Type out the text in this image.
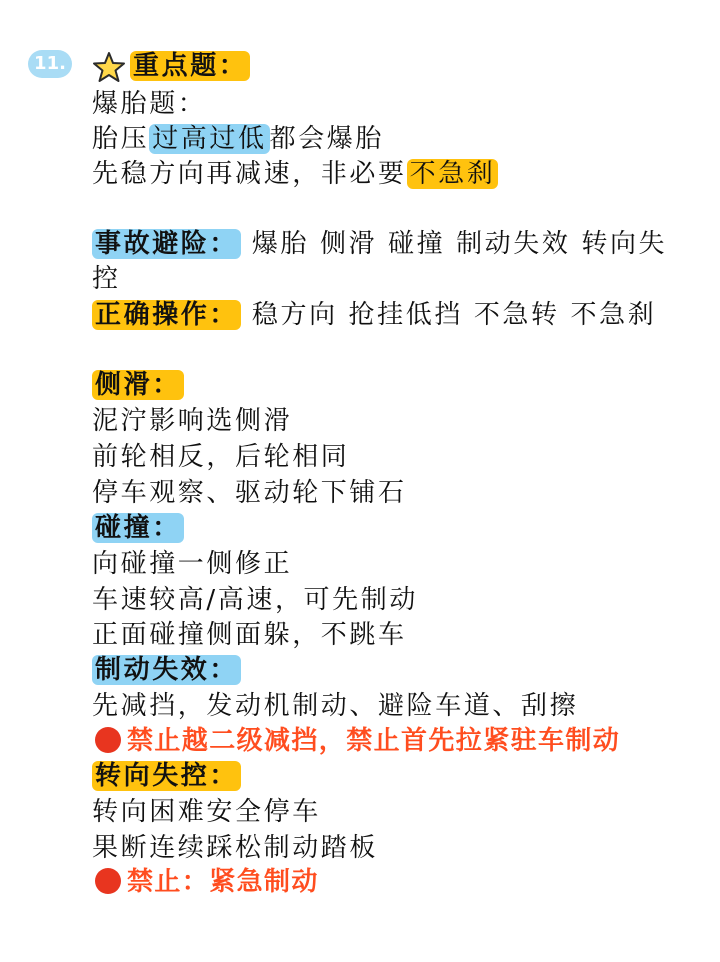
11.	重点题：
爆胎题：
胎压 过高过低 都会爆胎
先稳方向再减速，非必要 不急刹
事故避险： 爆胎 侧滑 碰撞 制动失效 转向失
控
正确操作： 稳方向 抢挂低挡 不急转 不急刹
侧滑：
泥泞影响选侧滑
前轮相反，后轮相同
停车观察、驱动轮下铺石
碰撞：
向碰撞一侧修正
车速较高/高速，可先制动
正面碰撞侧面躲，不跳车
制动失效：
先减挡，发动机制动、避险车道、刮擦
禁止越二级减挡，禁止首先拉紧驻车制动
转向失控：
转向困难安全停车
果断连续踩松制动踏板
禁止：紧急制动
